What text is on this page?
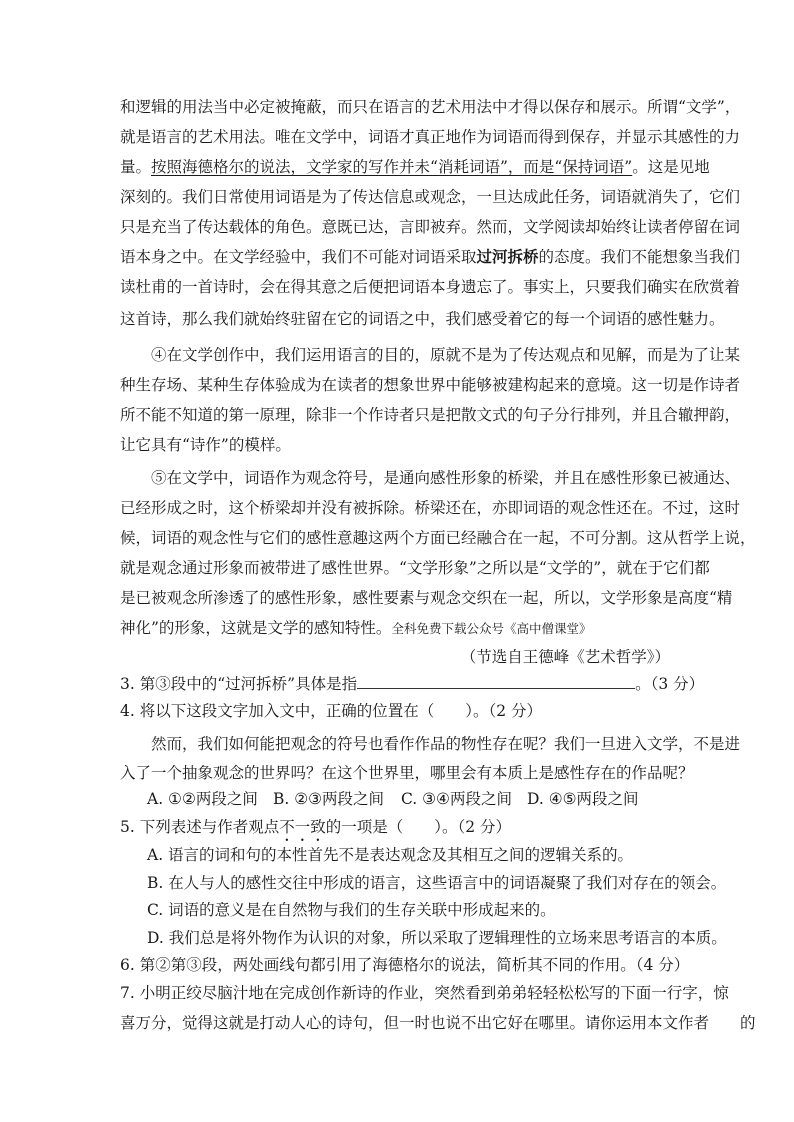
和逻辑的用法当中必定被掩蔽，而只在语言的艺术用法中才得以保存和展示。所谓“文学”，
就是语言的艺术用法。唯在文学中，词语才真正地作为词语而得到保存，并显示其感性的力
量。按照海德格尔的说法，文学家的写作并未“消耗词语”，而是“保持词语”。这是见地
深刻的。我们日常使用词语是为了传达信息或观念，一旦达成此任务，词语就消失了，它们
只是充当了传达载体的角色。意既已达，言即被弃。然而，文学阅读却始终让读者停留在词
语本身之中。在文学经验中，我们不可能对词语采取过河拆桥的态度。我们不能想象当我们
读杜甫的一首诗时，会在得其意之后便把词语本身遗忘了。事实上，只要我们确实在欣赏着
这首诗，那么我们就始终驻留在它的词语之中，我们感受着它的每一个词语的感性魅力。
④在文学创作中，我们运用语言的目的，原就不是为了传达观点和见解，而是为了让某
种生存场、某种生存体验成为在读者的想象世界中能够被建构起来的意境。这一切是作诗者
所不能不知道的第一原理，除非一个作诗者只是把散文式的句子分行排列，并且合辙押韵，
让它具有“诗作”的模样。
⑤在文学中，词语作为观念符号，是通向感性形象的桥梁，并且在感性形象已被通达、
已经形成之时，这个桥梁却并没有被拆除。桥梁还在，亦即词语的观念性还在。不过，这时
候，词语的观念性与它们的感性意趣这两个方面已经融合在一起，不可分割。这从哲学上说，
就是观念通过形象而被带进了感性世界。“文学形象”之所以是“文学的”，就在于它们都
是已被观念所渗透了的感性形象，感性要素与观念交织在一起，所以，文学形象是高度“精
神化”的形象，这就是文学的感知特性。全科免费下载公众号《高中僧课堂》
（节选自王德峰《艺术哲学》）
3. 第③段中的“过河拆桥”具体是指	。（3 分）
4. 将以下这段文字加入文中，正确的位置在（　　）。（2 分）
然而，我们如何能把观念的符号也看作作品的物性存在呢？我们一旦进入文学，不是进
入了一个抽象观念的世界吗？在这个世界里，哪里会有本质上是感性存在的作品呢？
A. ①②两段之间 B. ②③两段之间	C. ③④两段之间 D. ④⑤两段之间
5. 下列表述与作者观点不一致的一项是（　　）。（2 分）
A. 语言的词和句的本性首先不是表达观念及其相互之间的逻辑关系的。
B. 在人与人的感性交往中形成的语言，这些语言中的词语凝聚了我们对存在的领会。
C. 词语的意义是在自然物与我们的生存关联中形成起来的。
D. 我们总是将外物作为认识的对象，所以采取了逻辑理性的立场来思考语言的本质。
6. 第②第③段，两处画线句都引用了海德格尔的说法，简析其不同的作用。（4 分）
7. 小明正绞尽脑汁地在完成创作新诗的作业，突然看到弟弟轻轻松松写的下面一行字，惊
喜万分，觉得这就是打动人心的诗句，但一时也说不出它好在哪里。请你运用本文作者　　的
